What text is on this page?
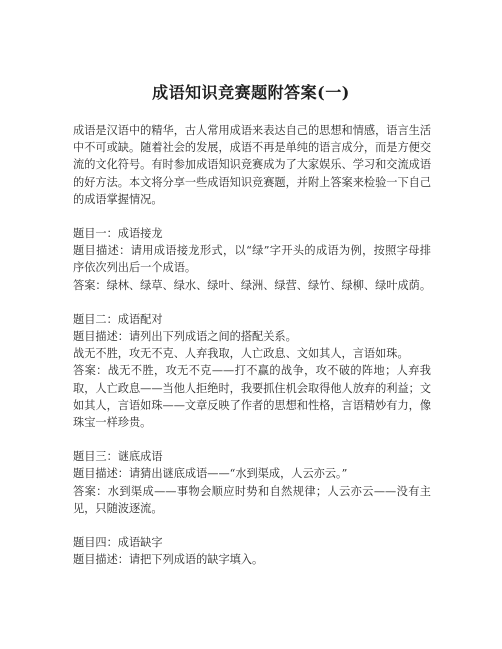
成语知识竞赛题附答案(一)

成语是汉语中的精华，古人常用成语来表达自己的思想和情感，语言生活中不可或缺。随着社会的发展，成语不再是单纯的语言成分，而是方便交流的文化符号。有时参加成语知识竞赛成为了大家娱乐、学习和交流成语的好方法。本文将分享一些成语知识竞赛题，并附上答案来检验一下自己的成语掌握情况。

题目一：成语接龙

题目描述：请用成语接龙形式，以“绿”字开头的成语为例，按照字母排序依次列出后一个成语。

答案：绿林、绿草、绿水、绿叶、绿洲、绿营、绿竹、绿柳、绿叶成荫。

题目二：成语配对

题目描述：请列出下列成语之间的搭配关系。

战无不胜，攻无不克、人弃我取，人亡政息、文如其人，言语如珠。

答案：战无不胜，攻无不克——打不赢的战争，攻不破的阵地；人弃我取，人亡政息——当他人拒绝时，我要抓住机会取得他人放弃的利益；文如其人，言语如珠——文章反映了作者的思想和性格，言语精妙有力，像珠宝一样珍贵。

题目三：谜底成语

题目描述：请猜出谜底成语——“水到渠成，人云亦云。”

答案：水到渠成——事物会顺应时势和自然规律；人云亦云——没有主见，只随波逐流。

题目四：成语缺字

题目描述：请把下列成语的缺字填入。
